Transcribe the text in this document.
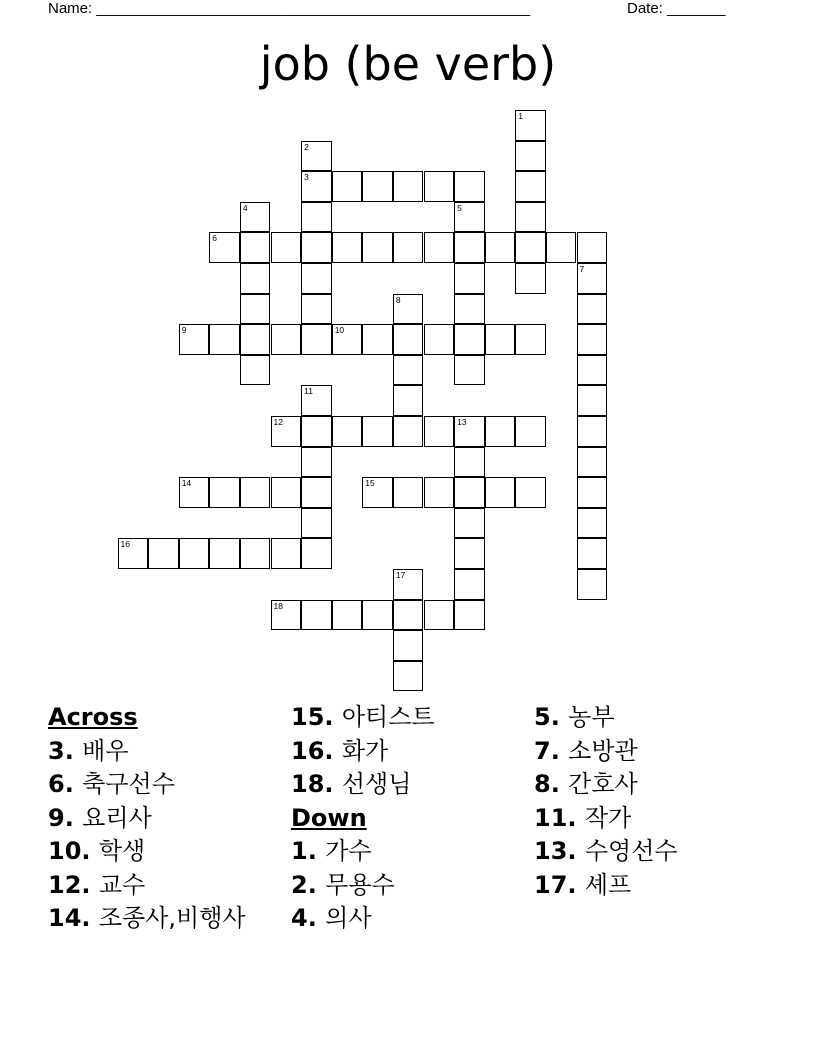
Name: ____________________________________________________	Date: _______
job (be verb)
1
2
3
4	5
6
7
8
9	10
11
12	13
14	15
16
17
18
Across
3. 배우
6. 축구선수
9. 요리사
10. 학생
12. 교수
14. 조종사,비행사
15. 아티스트
16. 화가
18. 선생님
Down
1. 가수
2. 무용수
4. 의사
5. 농부
7. 소방관
8. 간호사
11. 작가
13. 수영선수
17. 셰프
